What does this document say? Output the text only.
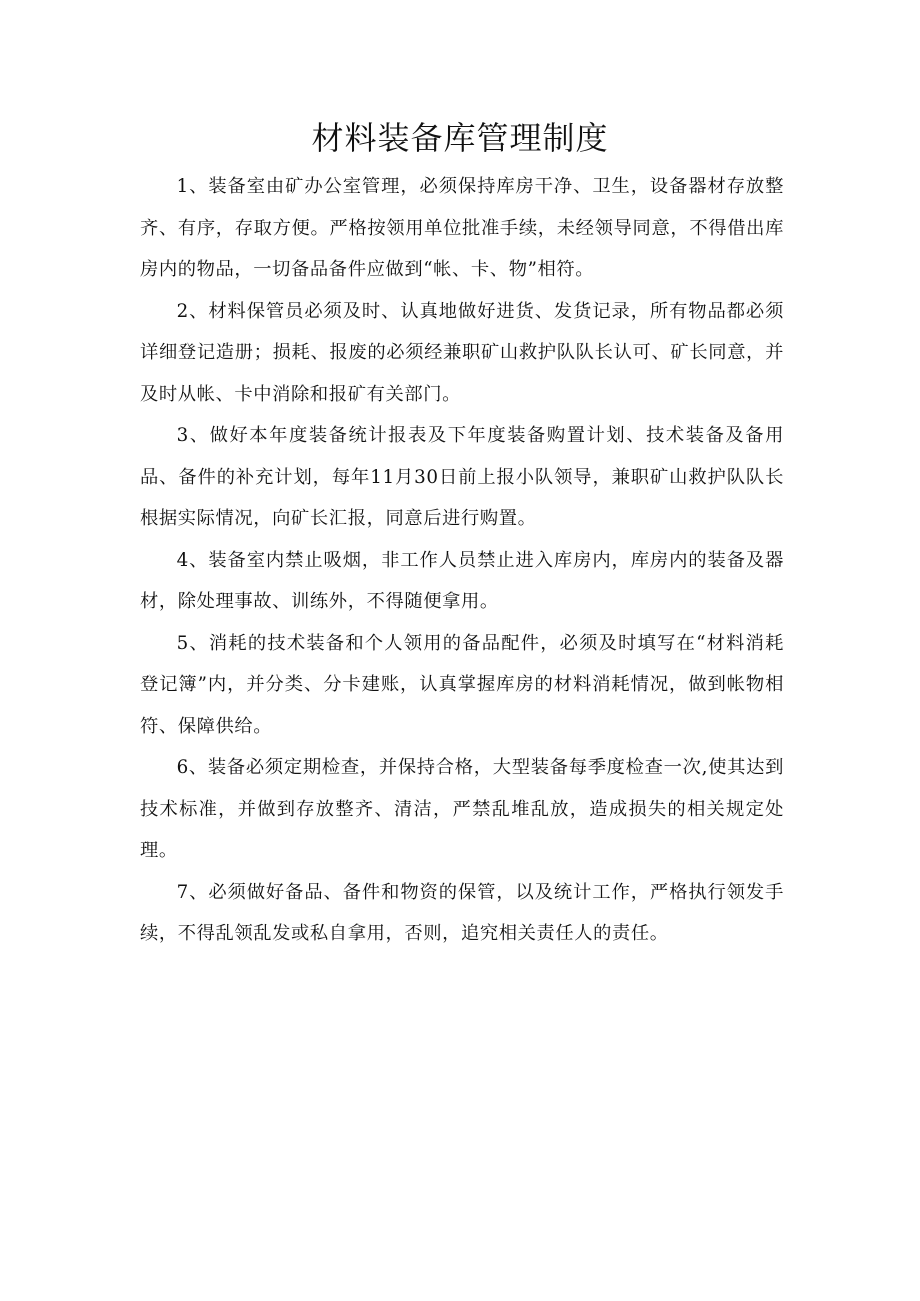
材料装备库管理制度

1、装备室由矿办公室管理，必须保持库房干净、卫生，设备器材存放整齐、有序，存取方便。严格按领用单位批准手续，未经领导同意，不得借出库房内的物品，一切备品备件应做到“帐、卡、物”相符。

2、材料保管员必须及时、认真地做好进货、发货记录，所有物品都必须详细登记造册；损耗、报废的必须经兼职矿山救护队队长认可、矿长同意，并及时从帐、卡中消除和报矿有关部门。

3、做好本年度装备统计报表及下年度装备购置计划、技术装备及备用品、备件的补充计划，每年11月30日前上报小队领导，兼职矿山救护队队长根据实际情况，向矿长汇报，同意后进行购置。

4、装备室内禁止吸烟，非工作人员禁止进入库房内，库房内的装备及器材，除处理事故、训练外，不得随便拿用。

5、消耗的技术装备和个人领用的备品配件，必须及时填写在“材料消耗登记簿”内，并分类、分卡建账，认真掌握库房的材料消耗情况，做到帐物相符、保障供给。

6、装备必须定期检查，并保持合格，大型装备每季度检查一次,使其达到技术标准，并做到存放整齐、清洁，严禁乱堆乱放，造成损失的相关规定处理。

7、必须做好备品、备件和物资的保管，以及统计工作，严格执行领发手续，不得乱领乱发或私自拿用，否则，追究相关责任人的责任。
